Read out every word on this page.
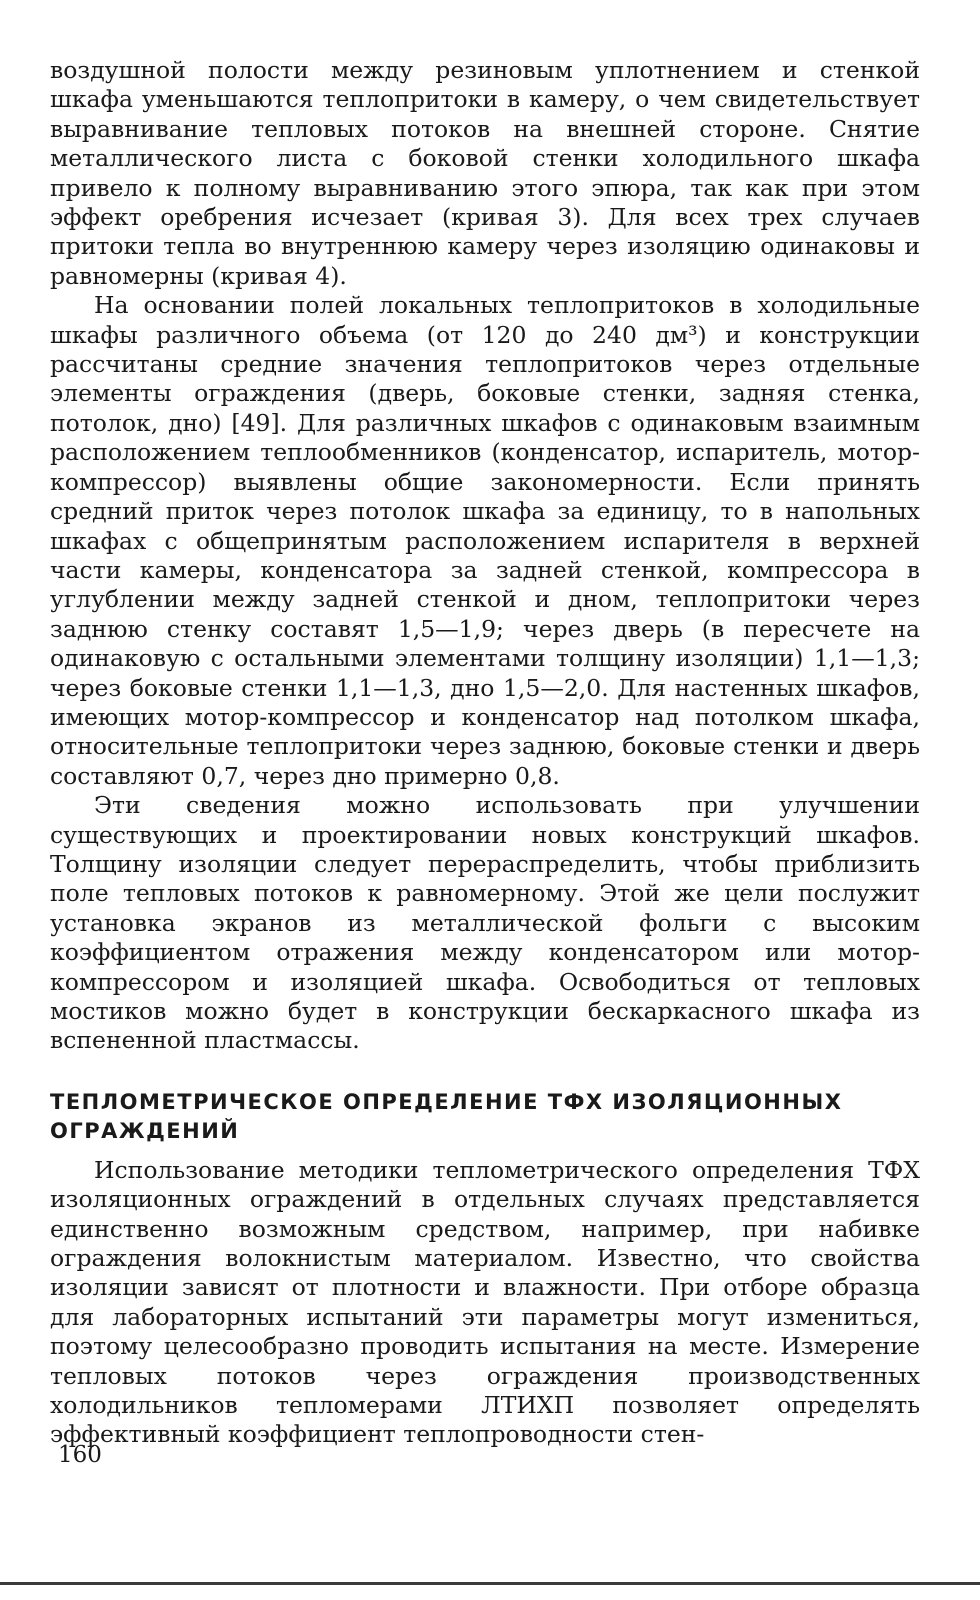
воздушной полости между резиновым уплотнением и стенкой шкафа уменьшаются теплопритоки в камеру, о чем свидетельствует выравнивание тепловых потоков на внешней стороне. Снятие металлического листа с боковой стенки холодильного шкафа привело к полному выравниванию этого эпюра, так как при этом эффект оребрения исчезает (кривая 3). Для всех трех случаев притоки тепла во внутреннюю камеру через изоляцию одинаковы и равномерны (кривая 4).

На основании полей локальных теплопритоков в холодильные шкафы различного объема (от 120 до 240 дм³) и конструкции рассчитаны средние значения теплопритоков через отдельные элементы ограждения (дверь, боковые стенки, задняя стенка, потолок, дно) [49]. Для различных шкафов с одинаковым взаимным расположением теплообменников (конденсатор, испаритель, мотор-компрессор) выявлены общие закономерности. Если принять средний приток через потолок шкафа за единицу, то в напольных шкафах с общепринятым расположением испарителя в верхней части камеры, конденсатора за задней стенкой, компрессора в углублении между задней стенкой и дном, теплопритоки через заднюю стенку составят 1,5—1,9; через дверь (в пересчете на одинаковую с остальными элементами толщину изоляции) 1,1—1,3; через боковые стенки 1,1—1,3, дно 1,5—2,0. Для настенных шкафов, имеющих мотор-компрессор и конденсатор над потолком шкафа, относительные теплопритоки через заднюю, боковые стенки и дверь составляют 0,7, через дно примерно 0,8.

Эти сведения можно использовать при улучшении существующих и проектировании новых конструкций шкафов. Толщину изоляции следует перераспределить, чтобы приблизить поле тепловых потоков к равномерному. Этой же цели послужит установка экранов из металлической фольги с высоким коэффициентом отражения между конденсатором или мотор-компрессором и изоляцией шкафа. Освободиться от тепловых мостиков можно будет в конструкции бескаркасного шкафа из вспененной пластмассы.

ТЕПЛОМЕТРИЧЕСКОЕ ОПРЕДЕЛЕНИЕ ТФХ ИЗОЛЯЦИОННЫХ ОГРАЖДЕНИЙ

Использование методики теплометрического определения ТФХ изоляционных ограждений в отдельных случаях представляется единственно возможным средством, например, при набивке ограждения волокнистым материалом. Известно, что свойства изоляции зависят от плотности и влажности. При отборе образца для лабораторных испытаний эти параметры могут измениться, поэтому целесообразно проводить испытания на месте. Измерение тепловых потоков через ограждения производственных холодильников тепломерами ЛТИХП позволяет определять эффективный коэффициент теплопроводности стен-

160
